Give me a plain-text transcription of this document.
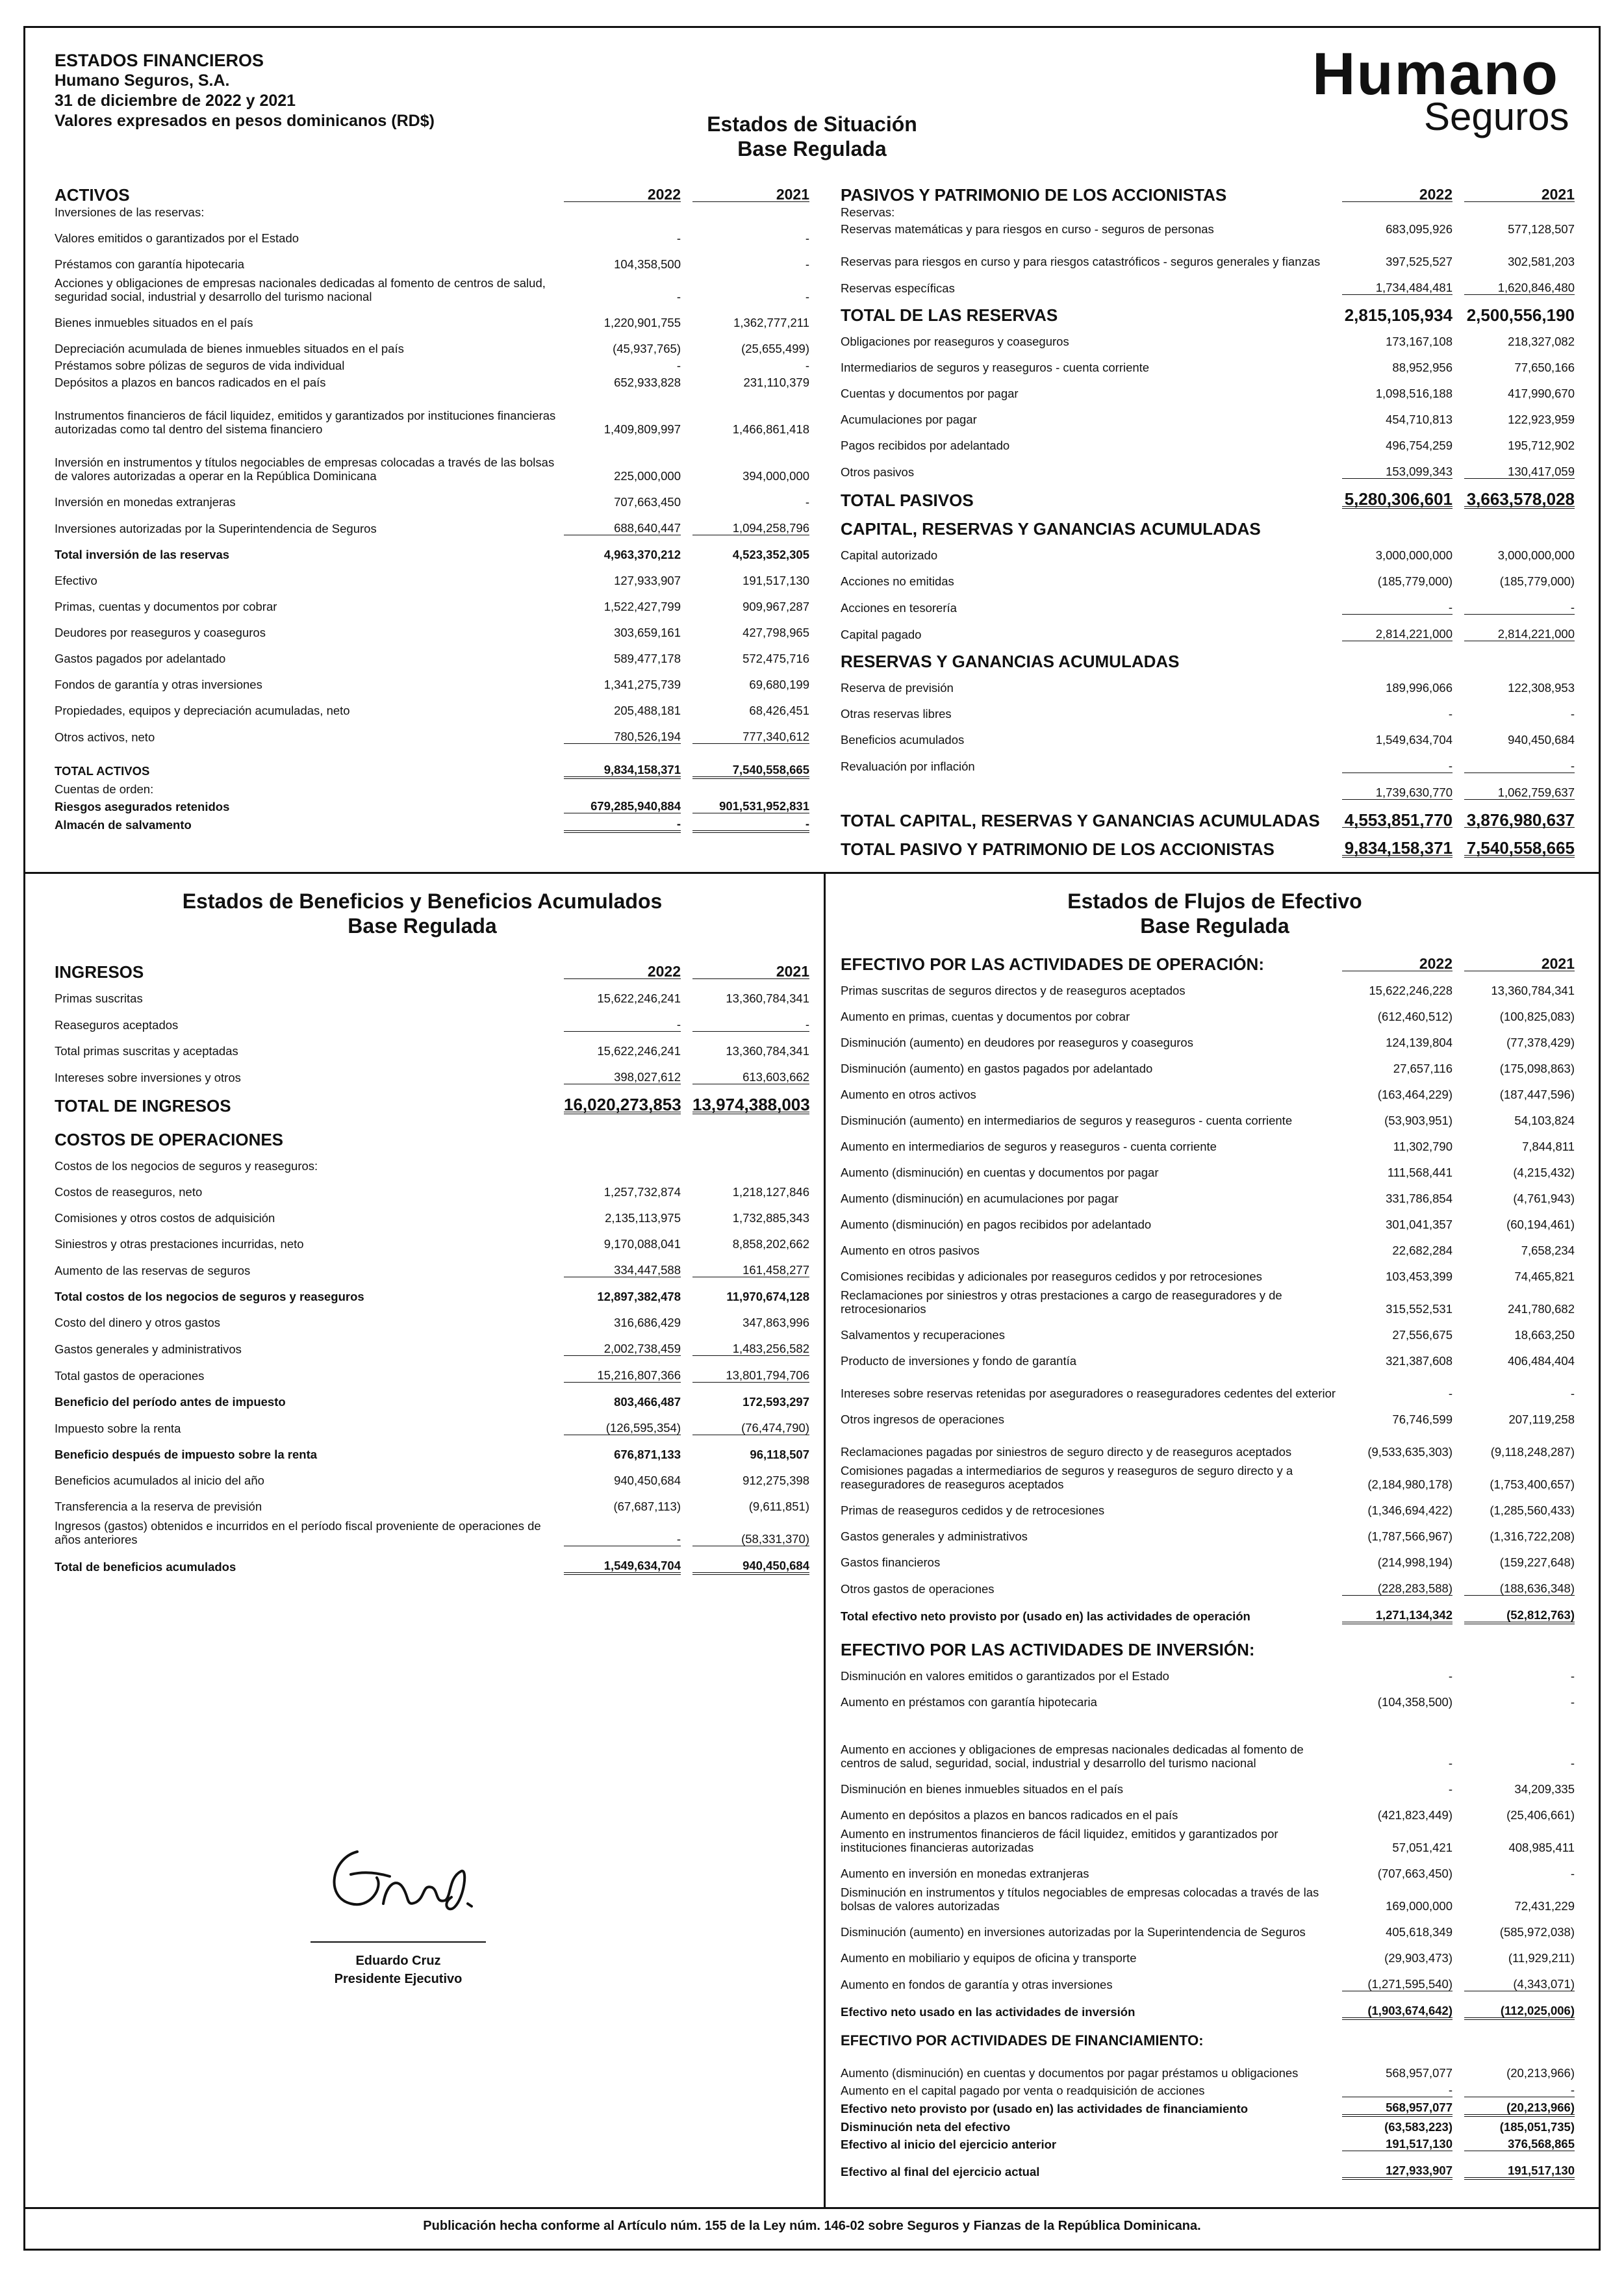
ESTADOS FINANCIEROS
Humano Seguros, S.A.
31 de diciembre de 2022 y 2021
Valores expresados en pesos dominicanos (RD$)
Humano
Seguros
Estados de Situación
Base Regulada
ACTIVOS	2022		2021
Inversiones de las reservas:			
Valores emitidos o garantizados por el Estado	-		-
Préstamos con garantía hipotecaria	104,358,500		-
Acciones y obligaciones de empresas nacionales dedicadas al fomento de centros de salud, seguridad social, industrial y desarrollo del turismo nacional	-		-
Bienes inmuebles situados en el país	1,220,901,755		1,362,777,211
Depreciación acumulada de bienes inmuebles situados en el país	(45,937,765)		(25,655,499)
Préstamos sobre pólizas de seguros de vida individual	-		-
Depósitos a plazos en bancos radicados en el país	652,933,828		231,110,379
Instrumentos financieros de fácil liquidez, emitidos y garantizados por instituciones financieras autorizadas como tal dentro del sistema financiero	1,409,809,997		1,466,861,418
Inversión en instrumentos y títulos negociables de empresas colocadas a través de las bolsas de valores autorizadas a operar en la República Dominicana	225,000,000		394,000,000
Inversión en monedas extranjeras	707,663,450		-
Inversiones autorizadas por la Superintendencia de Seguros	688,640,447		1,094,258,796
Total inversión de las reservas	4,963,370,212		4,523,352,305
Efectivo	127,933,907		191,517,130
Primas, cuentas y documentos por cobrar	1,522,427,799		909,967,287
Deudores por reaseguros y coaseguros	303,659,161		427,798,965
Gastos pagados por adelantado	589,477,178		572,475,716
Fondos de garantía y otras inversiones	1,341,275,739		69,680,199
Propiedades, equipos y depreciación acumuladas, neto	205,488,181		68,426,451
Otros activos, neto	780,526,194		777,340,612
TOTAL ACTIVOS	9,834,158,371		7,540,558,665
Cuentas de orden:			
Riesgos asegurados retenidos	679,285,940,884		901,531,952,831
Almacén de salvamento	-		-
PASIVOS Y PATRIMONIO DE LOS ACCIONISTAS	2022		2021
Reservas:			
Reservas matemáticas y para riesgos en curso - seguros de personas	683,095,926		577,128,507
Reservas para riesgos en curso y para riesgos catastróficos - seguros generales y fianzas	397,525,527		302,581,203
Reservas específicas	1,734,484,481		1,620,846,480
TOTAL DE LAS RESERVAS	2,815,105,934		2,500,556,190
Obligaciones por reaseguros y coaseguros	173,167,108		218,327,082
Intermediarios de seguros y reaseguros - cuenta corriente	88,952,956		77,650,166
Cuentas y documentos por pagar	1,098,516,188		417,990,670
Acumulaciones por pagar	454,710,813		122,923,959
Pagos recibidos por adelantado	496,754,259		195,712,902
Otros pasivos	153,099,343		130,417,059
TOTAL PASIVOS	5,280,306,601		3,663,578,028
CAPITAL, RESERVAS Y GANANCIAS ACUMULADAS			
Capital autorizado	3,000,000,000		3,000,000,000
Acciones no emitidas	(185,779,000)		(185,779,000)
Acciones en tesorería	-		-
Capital pagado	2,814,221,000		2,814,221,000
RESERVAS Y GANANCIAS ACUMULADAS			
Reserva de previsión	189,996,066		122,308,953
Otras reservas libres	-		-
Beneficios acumulados	1,549,634,704		940,450,684
Revaluación por inflación	-		-
	1,739,630,770		1,062,759,637
TOTAL CAPITAL, RESERVAS Y GANANCIAS ACUMULADAS	4,553,851,770		3,876,980,637
TOTAL PASIVO Y PATRIMONIO DE LOS ACCIONISTAS	9,834,158,371		7,540,558,665
Estados de Beneficios y Beneficios Acumulados
Base Regulada
INGRESOS	2022		2021
Primas suscritas	15,622,246,241		13,360,784,341
Reaseguros aceptados	-		-
Total primas suscritas y aceptadas	15,622,246,241		13,360,784,341
Intereses sobre inversiones y otros	398,027,612		613,603,662
TOTAL DE INGRESOS	16,020,273,853		13,974,388,003
COSTOS DE OPERACIONES			
Costos de los negocios de seguros y reaseguros:			
Costos de reaseguros, neto	1,257,732,874		1,218,127,846
Comisiones y otros costos de adquisición	2,135,113,975		1,732,885,343
Siniestros y otras prestaciones incurridas, neto	9,170,088,041		8,858,202,662
Aumento de las reservas de seguros	334,447,588		161,458,277
Total costos de los negocios de seguros y reaseguros	12,897,382,478		11,970,674,128
Costo del dinero y otros gastos	316,686,429		347,863,996
Gastos generales y administrativos	2,002,738,459		1,483,256,582
Total gastos de operaciones	15,216,807,366		13,801,794,706
Beneficio del período antes de impuesto	803,466,487		172,593,297
Impuesto sobre la renta	(126,595,354)		(76,474,790)
Beneficio después de impuesto sobre la renta	676,871,133		96,118,507
Beneficios acumulados al inicio del año	940,450,684		912,275,398
Transferencia a la reserva de previsión	(67,687,113)		(9,611,851)
Ingresos (gastos) obtenidos e incurridos en el período fiscal proveniente de operaciones de años anteriores	-		(58,331,370)
Total de beneficios acumulados	1,549,634,704		940,450,684
Estados de Flujos de Efectivo
Base Regulada
EFECTIVO POR LAS ACTIVIDADES DE OPERACIÓN:	2022		2021
Primas suscritas de seguros directos y de reaseguros aceptados	15,622,246,228		13,360,784,341
Aumento en primas, cuentas y documentos por cobrar	(612,460,512)		(100,825,083)
Disminución (aumento) en deudores por reaseguros y coaseguros	124,139,804		(77,378,429)
Disminución (aumento) en gastos pagados por adelantado	27,657,116		(175,098,863)
Aumento en otros activos	(163,464,229)		(187,447,596)
Disminución (aumento) en intermediarios de seguros y reaseguros - cuenta corriente	(53,903,951)		54,103,824
Aumento en intermediarios de seguros y reaseguros - cuenta corriente	11,302,790		7,844,811
Aumento (disminución) en cuentas y documentos por pagar	111,568,441		(4,215,432)
Aumento (disminución) en acumulaciones por pagar	331,786,854		(4,761,943)
Aumento (disminución) en pagos recibidos por adelantado	301,041,357		(60,194,461)
Aumento en otros pasivos	22,682,284		7,658,234
Comisiones recibidas y adicionales por reaseguros cedidos y por retrocesiones	103,453,399		74,465,821
Reclamaciones por siniestros y otras prestaciones a cargo de reaseguradores y de retrocesionarios	315,552,531		241,780,682
Salvamentos y recuperaciones	27,556,675		18,663,250
Producto de inversiones y fondo de garantía	321,387,608		406,484,404
Intereses sobre reservas retenidas por aseguradores o reaseguradores cedentes del exterior	-		-
Otros ingresos de operaciones	76,746,599		207,119,258
Reclamaciones pagadas por siniestros de seguro directo y de reaseguros aceptados	(9,533,635,303)		(9,118,248,287)
Comisiones pagadas a intermediarios de seguros y reaseguros de seguro directo y a reaseguradores de reaseguros aceptados	(2,184,980,178)		(1,753,400,657)
Primas de reaseguros cedidos y de retrocesiones	(1,346,694,422)		(1,285,560,433)
Gastos generales y administrativos	(1,787,566,967)		(1,316,722,208)
Gastos financieros	(214,998,194)		(159,227,648)
Otros gastos de operaciones	(228,283,588)		(188,636,348)
Total efectivo neto provisto por (usado en) las actividades de operación	1,271,134,342		(52,812,763)
EFECTIVO POR LAS ACTIVIDADES DE INVERSIÓN:			
Disminución en valores emitidos o garantizados por el Estado	-		-
Aumento en préstamos con garantía hipotecaria	(104,358,500)		-
Aumento en acciones y obligaciones de empresas nacionales dedicadas al fomento de centros de salud, seguridad, social, industrial y desarrollo del turismo nacional	-		-
Disminución en bienes inmuebles situados en el país	-		34,209,335
Aumento en depósitos a plazos en bancos radicados en el país	(421,823,449)		(25,406,661)
Aumento en instrumentos financieros de fácil liquidez, emitidos y garantizados por instituciones financieras autorizadas	57,051,421		408,985,411
Aumento en inversión en monedas extranjeras	(707,663,450)		-
Disminución en instrumentos y títulos negociables de empresas colocadas a través de las bolsas de valores autorizadas	169,000,000		72,431,229
Disminución (aumento) en inversiones autorizadas por la Superintendencia de Seguros	405,618,349		(585,972,038)
Aumento en mobiliario y equipos de oficina y transporte	(29,903,473)		(11,929,211)
Aumento en fondos de garantía y otras inversiones	(1,271,595,540)		(4,343,071)
Efectivo neto usado en las actividades de inversión	(1,903,674,642)		(112,025,006)
EFECTIVO POR ACTIVIDADES DE FINANCIAMIENTO:			
Aumento (disminución) en cuentas y documentos por pagar préstamos u obligaciones	568,957,077		(20,213,966)
Aumento en el capital pagado por venta o readquisición de acciones	-		-
Efectivo neto provisto por (usado en) las actividades de financiamiento	568,957,077		(20,213,966)
Disminución neta del efectivo	(63,583,223)		(185,051,735)
Efectivo al inicio del ejercicio anterior	191,517,130		376,568,865
Efectivo al final del ejercicio actual	127,933,907		191,517,130
Eduardo Cruz
Presidente Ejecutivo
Publicación hecha conforme al Artículo núm. 155 de la Ley núm. 146-02 sobre Seguros y Fianzas de la República Dominicana.
